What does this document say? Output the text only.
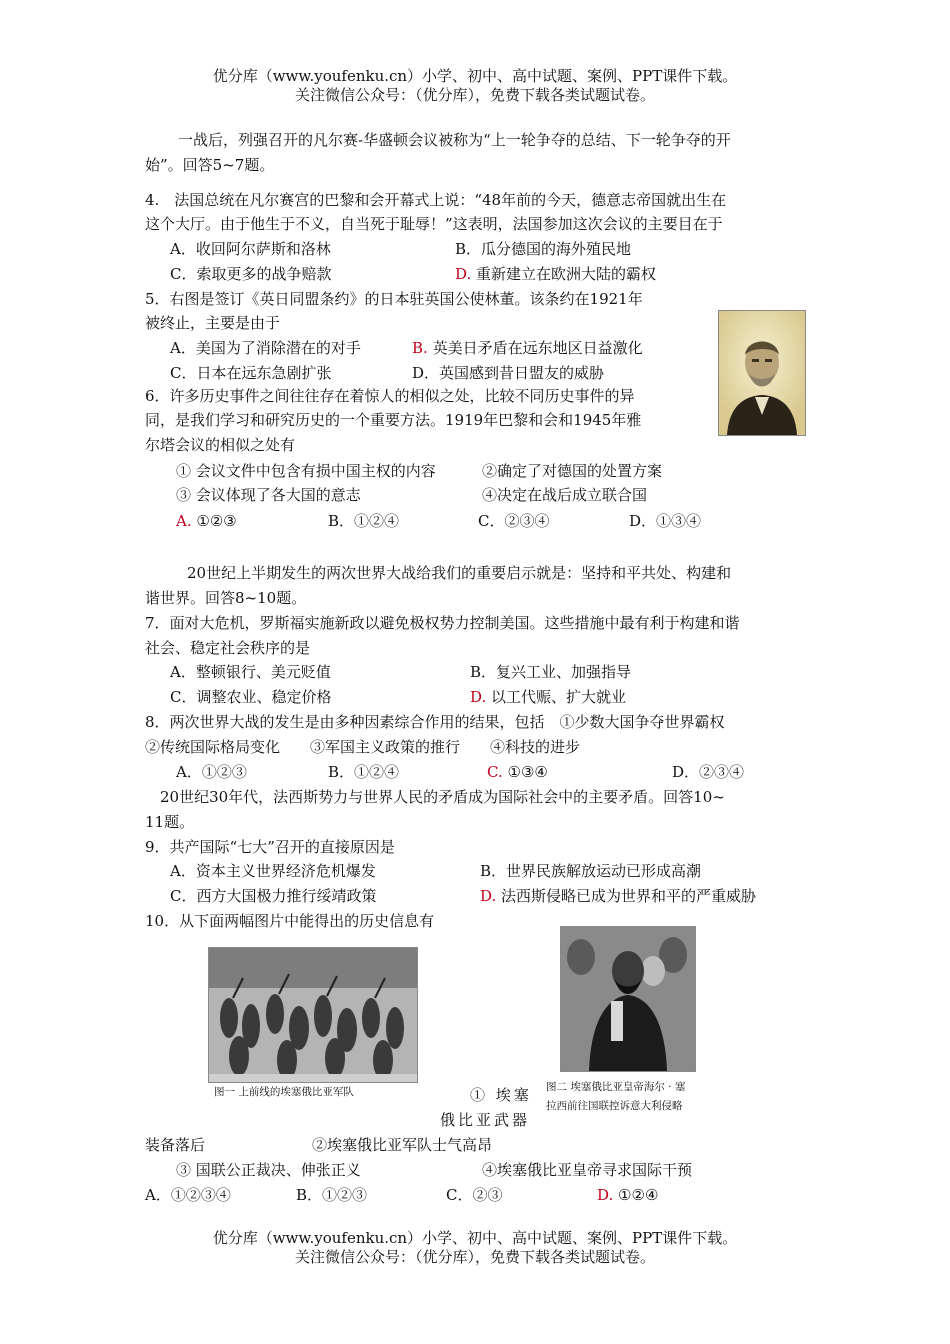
优分库（www.youfenku.cn）小学、初中、高中试题、案例、PPT课件下载。
关注微信公众号：（优分库），免费下载各类试题试卷。
一战后，列强召开的凡尔赛-华盛顿会议被称为“上一轮争夺的总结、下一轮争夺的开
始”。回答5~7题。
4.　法国总统在凡尔赛宫的巴黎和会开幕式上说：“48年前的今天，德意志帝国就出生在
这个大厅。由于他生于不义，自当死于耻辱！”这表明，法国参加这次会议的主要目在于
A．收回阿尔萨斯和洛林	B．瓜分德国的海外殖民地
C．索取更多的战争赔款	D. 重新建立在欧洲大陆的霸权
5．右图是签订《英日同盟条约》的日本驻英国公使林董。该条约在1921年
被终止，主要是由于
A．美国为了消除潜在的对手	B. 英美日矛盾在远东地区日益激化
C．日本在远东急剧扩张	D．英国感到昔日盟友的威胁
6．许多历史事件之间往往存在着惊人的相似之处，比较不同历史事件的异
同，是我们学习和研究历史的一个重要方法。1919年巴黎和会和1945年雅
尔塔会议的相似之处有
① 会议文件中包含有损中国主权的内容	②确定了对德国的处置方案
③ 会议体现了各大国的意志	④决定在战后成立联合国
A. ①②③	B．①②④	C．②③④	D．①③④
20世纪上半期发生的两次世界大战给我们的重要启示就是：坚持和平共处、构建和
谐世界。回答8~10题。
7．面对大危机，罗斯福实施新政以避免极权势力控制美国。这些措施中最有利于构建和谐
社会、稳定社会秩序的是
A．整顿银行、美元贬值	B．复兴工业、加强指导
C．调整农业、稳定价格	D. 以工代赈、扩大就业
8．两次世界大战的发生是由多种因素综合作用的结果，包括　①少数大国争夺世界霸权
②传统国际格局变化　　③军国主义政策的推行　　④科技的进步
A．①②③	B．①②④	C. ①③④	D．②③④
20世纪30年代，法西斯势力与世界人民的矛盾成为国际社会中的主要矛盾。回答10~
11题。
9．共产国际“七大”召开的直接原因是
A．资本主义世界经济危机爆发	B．世界民族解放运动已形成高潮
C．西方大国极力推行绥靖政策	D. 法西斯侵略已成为世界和平的严重威胁
10．从下面两幅图片中能得出的历史信息有
图一 上前线的埃塞俄比亚军队	图二 埃塞俄比亚皇帝海尔 · 塞
拉西前往国联控诉意大利侵略
① 埃塞
俄比亚武器
装备落后	②埃塞俄比亚军队士气高昂
③ 国联公正裁决、伸张正义	④埃塞俄比亚皇帝寻求国际干预
A．①②③④	B．①②③	C．②③	D. ①②④
优分库（www.youfenku.cn）小学、初中、高中试题、案例、PPT课件下载。
关注微信公众号：（优分库），免费下载各类试题试卷。
